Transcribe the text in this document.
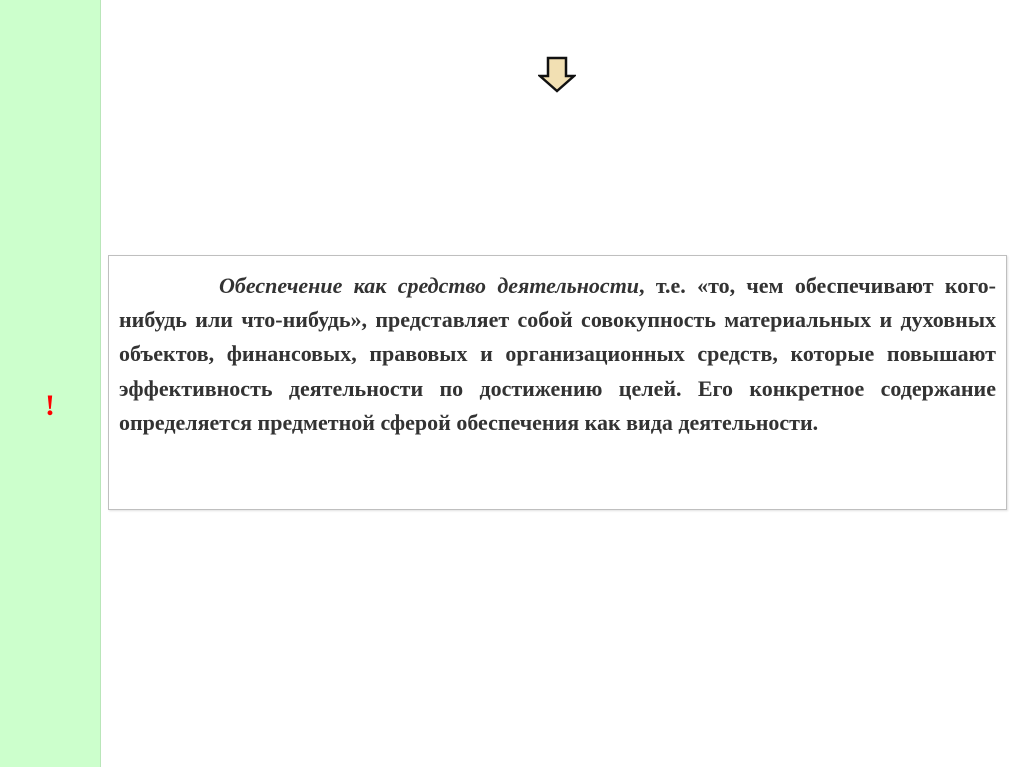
!

Обеспечение как средство деятельности, т.е. «то, чем обеспечивают кого-нибудь или что-нибудь», представляет собой совокупность материальных и духовных объектов, финансовых, правовых и организационных средств, которые повышают эффективность деятельности по достижению целей. Его конкретное содержание определяется предметной сферой обеспечения как вида деятельности.
